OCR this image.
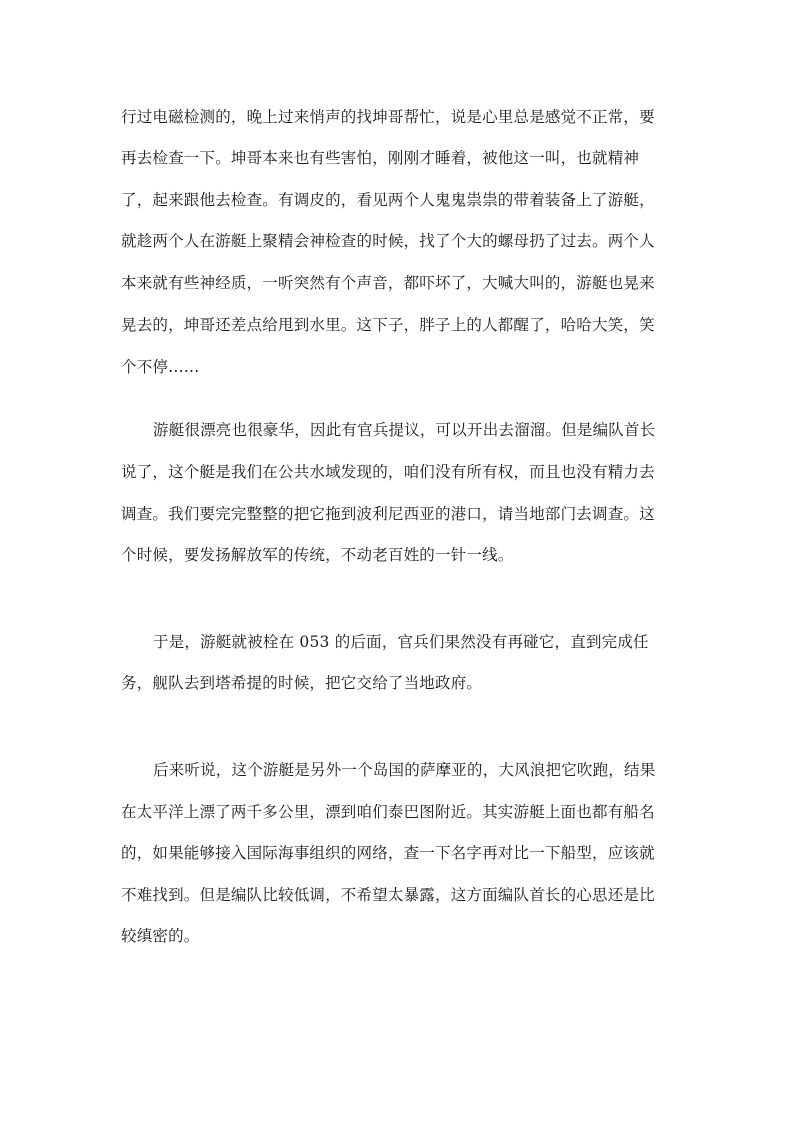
行过电磁检测的，晚上过来悄声的找坤哥帮忙，说是心里总是感觉不正常，要
再去检查一下。坤哥本来也有些害怕，刚刚才睡着，被他这一叫，也就精神
了，起来跟他去检查。有调皮的，看见两个人鬼鬼祟祟的带着装备上了游艇，
就趁两个人在游艇上聚精会神检查的时候，找了个大的螺母扔了过去。两个人
本来就有些神经质，一听突然有个声音，都吓坏了，大喊大叫的，游艇也晃来
晃去的，坤哥还差点给甩到水里。这下子，胖子上的人都醒了，哈哈大笑，笑
个不停……
游艇很漂亮也很豪华，因此有官兵提议，可以开出去溜溜。但是编队首长
说了，这个艇是我们在公共水域发现的，咱们没有所有权，而且也没有精力去
调查。我们要完完整整的把它拖到波利尼西亚的港口，请当地部门去调查。这
个时候，要发扬解放军的传统，不动老百姓的一针一线。
于是，游艇就被栓在 053 的后面，官兵们果然没有再碰它，直到完成任
务，舰队去到塔希提的时候，把它交给了当地政府。
后来听说，这个游艇是另外一个岛国的萨摩亚的，大风浪把它吹跑，结果
在太平洋上漂了两千多公里，漂到咱们泰巴图附近。其实游艇上面也都有船名
的，如果能够接入国际海事组织的网络，查一下名字再对比一下船型，应该就
不难找到。但是编队比较低调，不希望太暴露，这方面编队首长的心思还是比
较缜密的。
